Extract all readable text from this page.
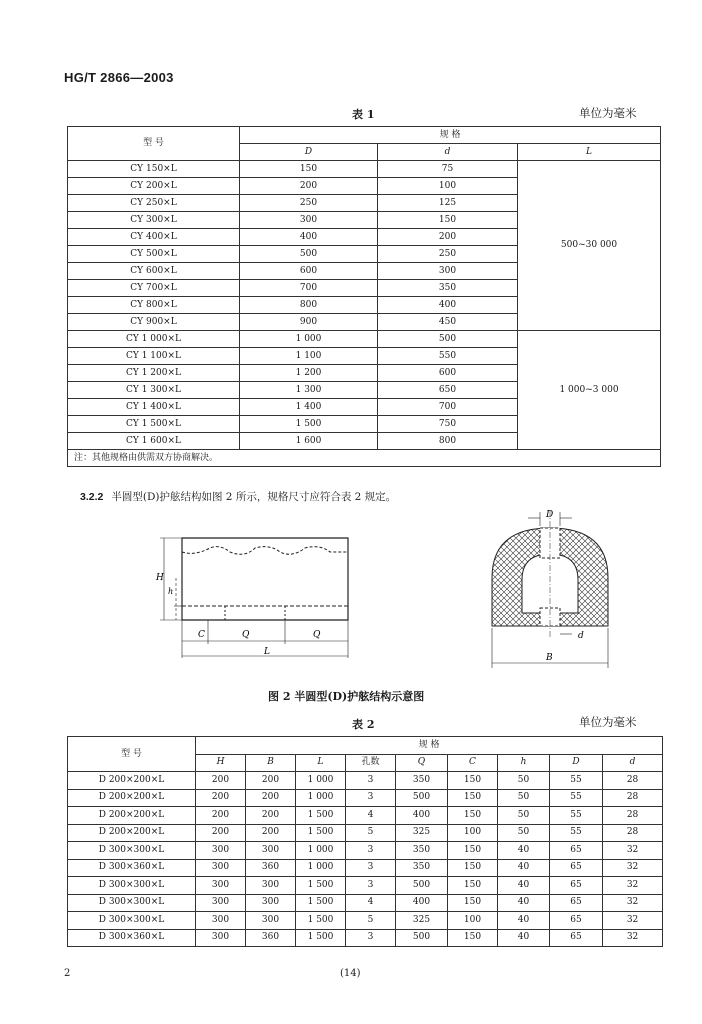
HG/T 2866—2003
表 1	单位为毫米
型 号	规 格		
	D	d	L
CY 150×L	150	75	500~30 000
CY 200×L	200	100	
CY 250×L	250	125	
CY 300×L	300	150	
CY 400×L	400	200	
CY 500×L	500	250	
CY 600×L	600	300	
CY 700×L	700	350	
CY 800×L	800	400	
CY 900×L	900	450	
CY 1 000×L	1 000	500	1 000~3 000
CY 1 100×L	1 100	550	
CY 1 200×L	1 200	600	
CY 1 300×L	1 300	650	
CY 1 400×L	1 400	700	
CY 1 500×L	1 500	750	
CY 1 600×L	1 600	800	
注：其他规格由供需双方协商解决。			
3.2.2 半圆型(D)护舷结构如图 2 所示，规格尺寸应符合表 2 规定。
H
h
C	Q	Q
L
D
d
B
图 2 半圆型(D)护舷结构示意图
表 2	单位为毫米
型 号	规 格								
	H	B	L	孔数	Q	C	h	D	d
D 200×200×L	200	200	1 000	3	350	150	50	55	28
D 200×200×L	200	200	1 000	3	500	150	50	55	28
D 200×200×L	200	200	1 500	4	400	150	50	55	28
D 200×200×L	200	200	1 500	5	325	100	50	55	28
D 300×300×L	300	300	1 000	3	350	150	40	65	32
D 300×360×L	300	360	1 000	3	350	150	40	65	32
D 300×300×L	300	300	1 500	3	500	150	40	65	32
D 300×300×L	300	300	1 500	4	400	150	40	65	32
D 300×300×L	300	300	1 500	5	325	100	40	65	32
D 300×360×L	300	360	1 500	3	500	150	40	65	32
2	(14)
